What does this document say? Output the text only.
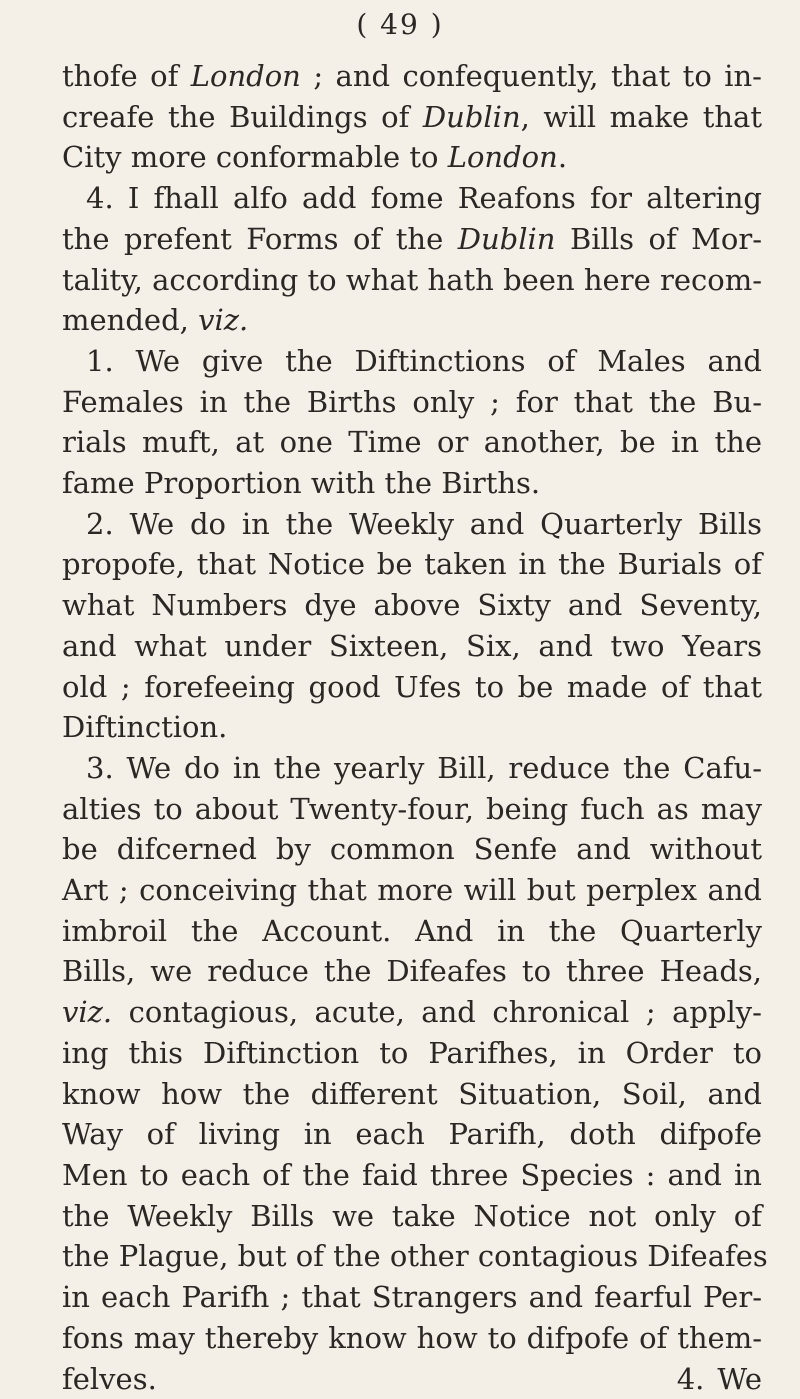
( 49 )
thofe of London ; and confequently, that to in-
creafe the Buildings of Dublin, will make that
City more conformable to London.
4. I fhall alfo add fome Reafons for altering
the prefent Forms of the Dublin Bills of Mor-
tality, according to what hath been here recom-
mended, viz.
1. We give the Diftinctions of Males and
Females in the Births only ; for that the Bu-
rials muft, at one Time or another, be in the
fame Proportion with the Births.
2. We do in the Weekly and Quarterly Bills
propofe, that Notice be taken in the Burials of
what Numbers dye above Sixty and Seventy,
and what under Sixteen, Six, and two Years
old ; forefeeing good Ufes to be made of that
Diftinction.
3. We do in the yearly Bill, reduce the Cafu-
alties to about Twenty-four, being fuch as may
be difcerned by common Senfe and without
Art ; conceiving that more will but perplex and
imbroil the Account. And in the Quarterly
Bills, we reduce the Difeafes to three Heads,
viz. contagious, acute, and chronical ; apply-
ing this Diftinction to Parifhes, in Order to
know how the different Situation, Soil, and
Way of living in each Parifh, doth difpofe
Men to each of the faid three Species : and in
the Weekly Bills we take Notice not only of
the Plague, but of the other contagious Difeafes
in each Parifh ; that Strangers and fearful Per-
fons may thereby know how to difpofe of them-
felves.                                        4. We
